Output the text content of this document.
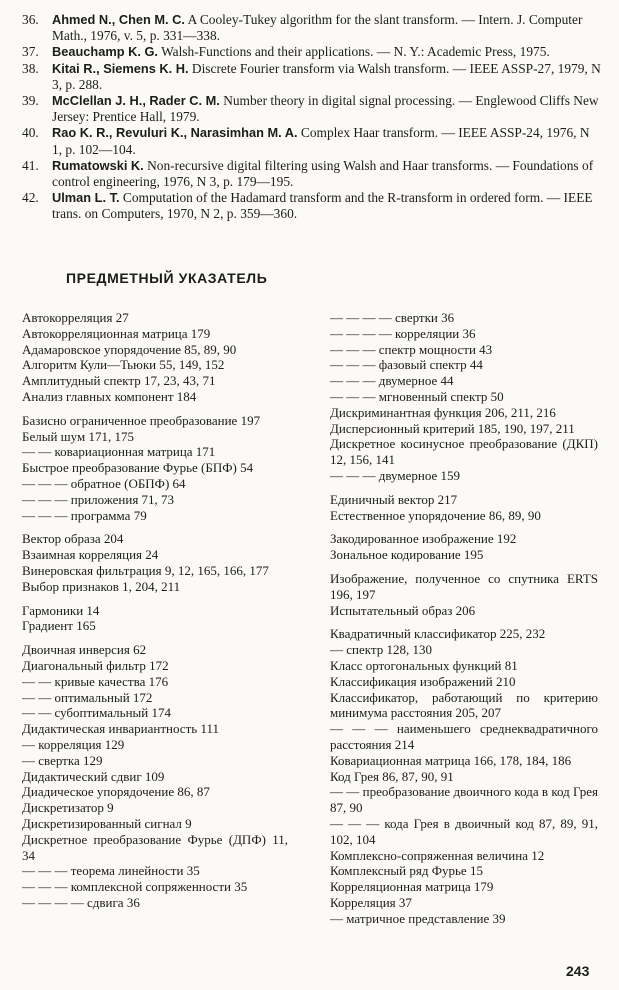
36. Ahmed N., Chen M. C. A Cooley-Tukey algorithm for the slant transform. — Intern. J. Computer Math., 1976, v. 5, p. 331—338.
37. Beauchamp K. G. Walsh-Functions and their applications. — N. Y.: Academic Press, 1975.
38. Kitai R., Siemens K. H. Discrete Fourier transform via Walsh transform. — IEEE ASSP-27, 1979, N 3, p. 288.
39. McClellan J. H., Rader C. M. Number theory in digital signal processing. — Englewood Cliffs New Jersey: Prentice Hall, 1979.
40. Rao K. R., Revuluri K., Narasimhan M. A. Complex Haar transform. — IEEE ASSP-24, 1976, N 1, p. 102—104.
41. Rumatowski K. Non-recursive digital filtering using Walsh and Haar transforms. — Foundations of control engineering, 1976, N 3, p. 179—195.
42. Ulman L. T. Computation of the Hadamard transform and the R-transform in ordered form. — IEEE trans. on Computers, 1970, N 2, p. 359—360.
ПРЕДМЕТНЫЙ УКАЗАТЕЛЬ
Автокорреляция 27
Автокорреляционная матрица 179
Адамаровское упорядочение 85, 89, 90
Алгоритм Кули—Тьюки 55, 149, 152
Амплитудный спектр 17, 23, 43, 71
Анализ главных компонент 184
Базисно ограниченное преобразование 197
Белый шум 171, 175
— — ковариационная матрица 171
Быстрое преобразование Фурье (БПФ) 54
— — — обратное (ОБПФ) 64
— — — приложения 71, 73
— — — программа 79
Вектор образа 204
Взаимная корреляция 24
Винеровская фильтрация 9, 12, 165, 166, 177
Выбор признаков 1, 204, 211
Гармоники 14
Градиент 165
Двоичная инверсия 62
Диагональный фильтр 172
— — кривые качества 176
— — оптимальный 172
— — субоптимальный 174
Дидактическая инвариантность 111
— корреляция 129
— свертка 129
Дидактический сдвиг 109
Диадическое упорядочение 86, 87
Дискретизатор 9
Дискретизированный сигнал 9
Дискретное преобразование Фурье (ДПФ) 11, 34
— — — теорема линейности 35
— — — комплексной сопряженности 35
— — — — сдвига 36
— — — — свертки 36
— — — — корреляции 36
— — — спектр мощности 43
— — — фазовый спектр 44
— — — двумерное 44
— — — мгновенный спектр 50
Дискриминантная функция 206, 211, 216
Дисперсионный критерий 185, 190, 197, 211
Дискретное косинусное преобразование (ДКП) 12, 156, 141
— — — двумерное 159
Единичный вектор 217
Естественное упорядочение 86, 89, 90
Закодированное изображение 192
Зональное кодирование 195
Изображение, полученное со спутника ERTS 196, 197
Испытательный образ 206
Квадратичный классификатор 225, 232
— спектр 128, 130
Класс ортогональных функций 81
Классификация изображений 210
Классификатор, работающий по критерию минимума расстояния 205, 207
— — — наименьшего среднеквадратичного расстояния 214
Ковариационная матрица 166, 178, 184, 186
Код Грея 86, 87, 90, 91
— — преобразование двоичного кода в код Грея 87, 90
— — — кода Грея в двоичный код 87, 89, 91, 102, 104
Комплексно-сопряженная величина 12
Комплексный ряд Фурье 15
Корреляционная матрица 179
Корреляция 37
— матричное представление 39
243
